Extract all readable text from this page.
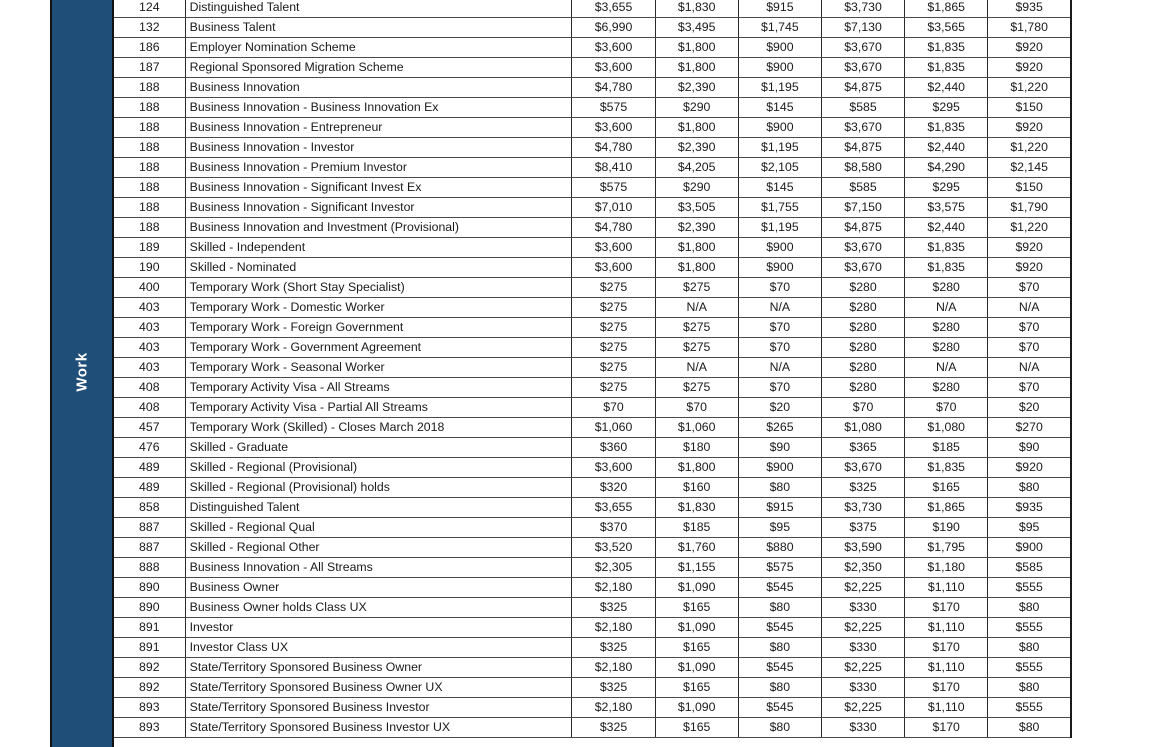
Work
124	Distinguished Talent	$3,655	$1,830	$915	$3,730	$1,865	$935
132	Business Talent	$6,990	$3,495	$1,745	$7,130	$3,565	$1,780
186	Employer Nomination Scheme	$3,600	$1,800	$900	$3,670	$1,835	$920
187	Regional Sponsored Migration Scheme	$3,600	$1,800	$900	$3,670	$1,835	$920
188	Business Innovation	$4,780	$2,390	$1,195	$4,875	$2,440	$1,220
188	Business Innovation - Business Innovation Ex	$575	$290	$145	$585	$295	$150
188	Business Innovation - Entrepreneur	$3,600	$1,800	$900	$3,670	$1,835	$920
188	Business Innovation - Investor	$4,780	$2,390	$1,195	$4,875	$2,440	$1,220
188	Business Innovation - Premium Investor	$8,410	$4,205	$2,105	$8,580	$4,290	$2,145
188	Business Innovation - Significant Invest Ex	$575	$290	$145	$585	$295	$150
188	Business Innovation - Significant Investor	$7,010	$3,505	$1,755	$7,150	$3,575	$1,790
188	Business Innovation and Investment (Provisional)	$4,780	$2,390	$1,195	$4,875	$2,440	$1,220
189	Skilled - Independent	$3,600	$1,800	$900	$3,670	$1,835	$920
190	Skilled - Nominated	$3,600	$1,800	$900	$3,670	$1,835	$920
400	Temporary Work (Short Stay Specialist)	$275	$275	$70	$280	$280	$70
403	Temporary Work - Domestic Worker	$275	N/A	N/A	$280	N/A	N/A
403	Temporary Work - Foreign Government	$275	$275	$70	$280	$280	$70
403	Temporary Work - Government Agreement	$275	$275	$70	$280	$280	$70
403	Temporary Work - Seasonal Worker	$275	N/A	N/A	$280	N/A	N/A
408	Temporary Activity Visa - All Streams	$275	$275	$70	$280	$280	$70
408	Temporary Activity Visa - Partial All Streams	$70	$70	$20	$70	$70	$20
457	Temporary Work (Skilled) - Closes March 2018	$1,060	$1,060	$265	$1,080	$1,080	$270
476	Skilled - Graduate	$360	$180	$90	$365	$185	$90
489	Skilled - Regional (Provisional)	$3,600	$1,800	$900	$3,670	$1,835	$920
489	Skilled - Regional (Provisional) holds	$320	$160	$80	$325	$165	$80
858	Distinguished Talent	$3,655	$1,830	$915	$3,730	$1,865	$935
887	Skilled - Regional Qual	$370	$185	$95	$375	$190	$95
887	Skilled - Regional Other	$3,520	$1,760	$880	$3,590	$1,795	$900
888	Business Innovation - All Streams	$2,305	$1,155	$575	$2,350	$1,180	$585
890	Business Owner	$2,180	$1,090	$545	$2,225	$1,110	$555
890	Business Owner holds Class UX	$325	$165	$80	$330	$170	$80
891	Investor	$2,180	$1,090	$545	$2,225	$1,110	$555
891	Investor Class UX	$325	$165	$80	$330	$170	$80
892	State/Territory Sponsored Business Owner	$2,180	$1,090	$545	$2,225	$1,110	$555
892	State/Territory Sponsored Business Owner UX	$325	$165	$80	$330	$170	$80
893	State/Territory Sponsored Business Investor	$2,180	$1,090	$545	$2,225	$1,110	$555
893	State/Territory Sponsored Business Investor UX	$325	$165	$80	$330	$170	$80
